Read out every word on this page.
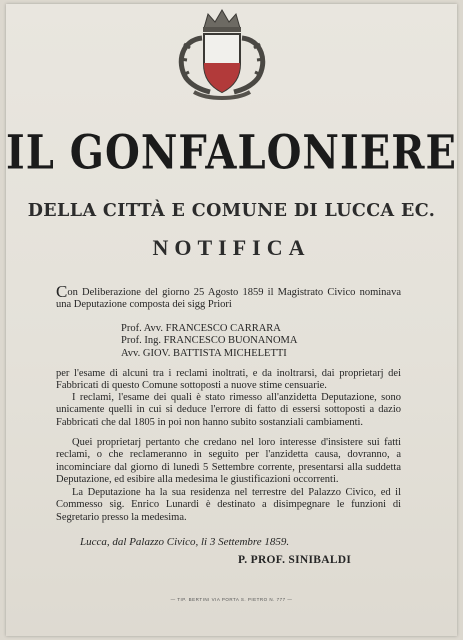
IL GONFALONIERE
DELLA CITTÀ E COMUNE DI LUCCA EC.
NOTIFICA
Con Deliberazione del giorno 25 Agosto 1859 il Magistrato Civico nominava una Deputazione composta dei sigg Priori
Prof. Avv. FRANCESCO CARRARA
Prof. Ing. FRANCESCO BUONANOMA
Avv. GIOV. BATTISTA MICHELETTI
per l'esame di alcuni tra i reclami inoltrati, e da inoltrarsi, dai proprietarj dei Fabbricati di questo Comune sottoposti a nuove stime censuarie.
I reclami, l'esame dei quali è stato rimesso all'anzidetta Deputazione, sono unicamente quelli in cui si deduce l'errore di fatto di essersi sottoposti a dazio Fabbricati che dal 1805 in poi non hanno subito sostanziali cambiamenti.
Quei proprietarj pertanto che credano nel loro interesse d'insistere sui fatti reclami, o che reclameranno in seguito per l'anzidetta causa, dovranno, a incominciare dal giorno di lunedì 5 Settembre corrente, presentarsi alla suddetta Deputazione, ed esibire alla medesima le giustificazioni occorrenti.
La Deputazione ha la sua residenza nel terrestre del Palazzo Civico, ed il Commesso sig. Enrico Lunardi è destinato a disimpegnare le funzioni di Segretario presso la medesima.
Lucca, dal Palazzo Civico, li 3 Settembre 1859.
P. PROF. SINIBALDI
— TIP. BERTINI VIA PORTA S. PIETRO N. 777 —
